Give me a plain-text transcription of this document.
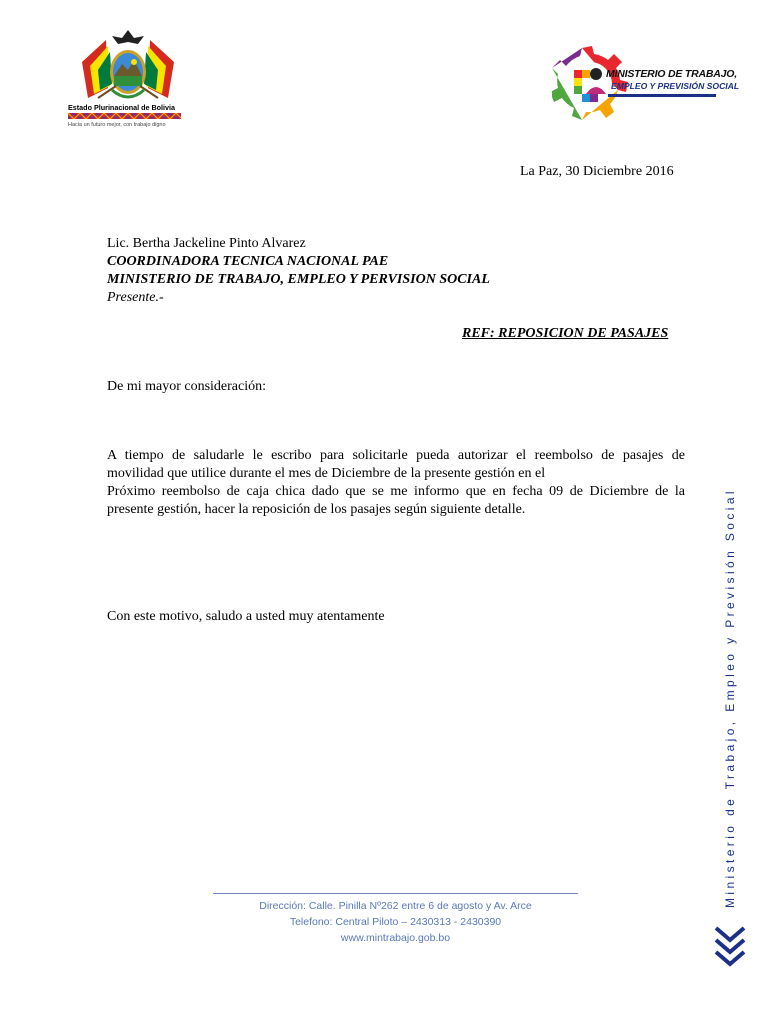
Estado Plurinacional de Bolivia
Hacia un futuro mejor, con trabajo digno
MINISTERIO DE TRABAJO,
EMPLEO Y PREVISIÓN SOCIAL
La Paz, 30 Diciembre 2016
Lic. Bertha Jackeline Pinto Alvarez
COORDINADORA TECNICA NACIONAL PAE
MINISTERIO DE TRABAJO, EMPLEO Y PERVISION SOCIAL
Presente.-
REF: REPOSICION DE PASAJES
De mi mayor consideración:
A tiempo de saludarle le escribo para solicitarle pueda autorizar el reembolso de pasajes de
movilidad que utilice durante el mes de Diciembre de la presente gestión en el
Próximo reembolso de caja chica dado que se me informo que en fecha 09 de Diciembre de la
presente gestión, hacer la reposición de los pasajes según siguiente detalle.
Con este motivo, saludo a usted muy atentamente
Dirección: Calle. Pinilla Nº262 entre 6 de agosto y Av. Arce
Telefono: Central Piloto – 2430313 - 2430390
www.mintrabajo.gob.bo
Ministerio de Trabajo, Empleo y Previsión Social
